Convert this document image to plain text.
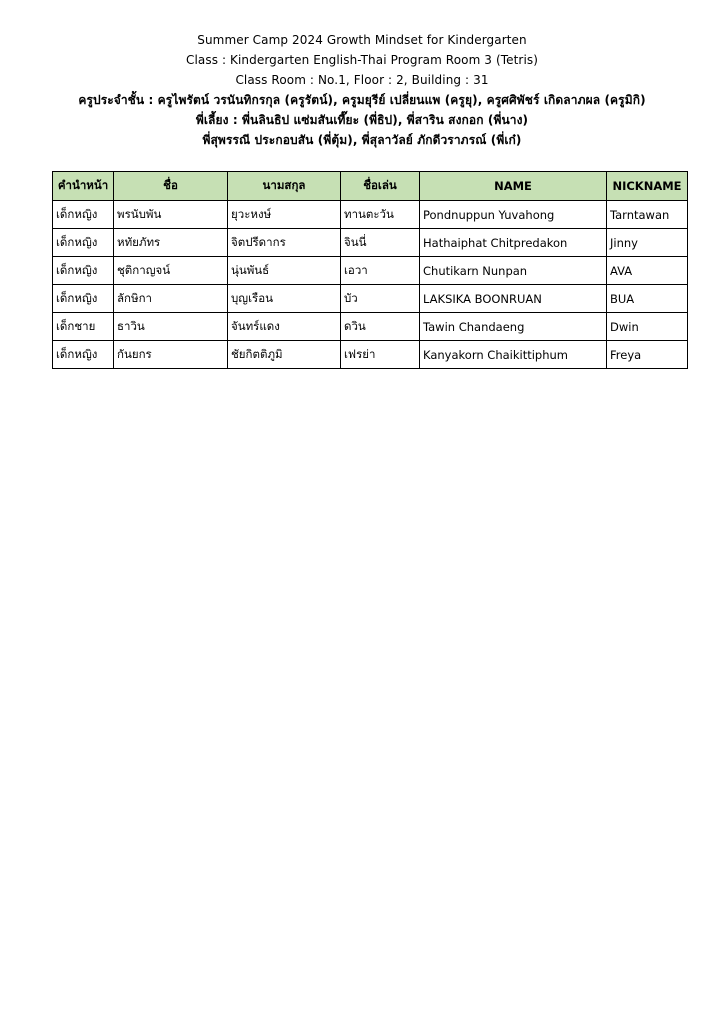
Summer Camp 2024 Growth Mindset for Kindergarten
Class : Kindergarten English-Thai Program Room 3 (Tetris)
Class Room : No.1, Floor : 2, Building : 31
ครูประจำชั้น : ครูไพรัตน์ วรนันทิกรกุล (ครูรัตน์), ครูมยุรีย์ เปลี่ยนแพ (ครูยุ), ครูศศิพัชร์ เกิดลาภผล (ครูมิกิ)
พี่เลี้ยง : พี่นลินธิป แซ่มสันเที๊ยะ (พี่ธิป), พี่สาริน สงกอก (พี่นาง)
พี่สุพรรณี ประกอบสัน (พี่ตุ้ม), พี่สุลาวัลย์ ภักดีวราภรณ์ (พี่เก๋)
คำนำหน้า	ชื่อ	นามสกุล	ชื่อเล่น	NAME	NICKNAME
เด็กหญิง	พรนับพัน	ยุวะหงษ์	ทานตะวัน	Pondnuppun Yuvahong	Tarntawan
เด็กหญิง	หทัยภัทร	จิตปรีดากร	จินนี่	Hathaiphat Chitpredakon	Jinny
เด็กหญิง	ชุติกาญจน์	นุ่นพันธ์	เอวา	Chutikarn Nunpan	AVA
เด็กหญิง	ลักษิกา	บุญเรือน	บัว	LAKSIKA BOONRUAN	BUA
เด็กชาย	ธาวิน	จันทร์แดง	ดวิน	Tawin Chandaeng	Dwin
เด็กหญิง	กันยกร	ชัยกิตติภูมิ	เฟรย่า	Kanyakorn Chaikittiphum	Freya
